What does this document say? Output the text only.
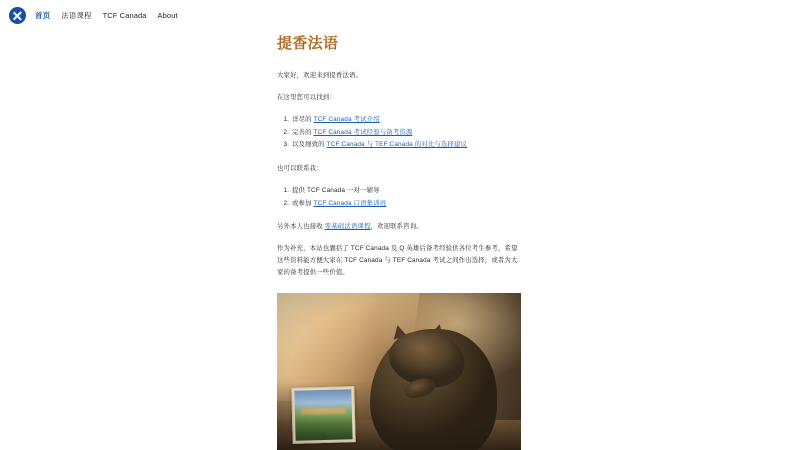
首页 法语课程 TCF Canada About
提香法语

大家好，欢迎来到提香法语。

在这里您可以找到：

1. 详尽的 TCF Canada 考试介绍
2. 完善的 TCF Canada 考试经验与备考资源
3. 以及细致的 TCF Canada 与 TEF Canada 的对比与选择建议

也可以联系我：

1. 提供 TCF Canada 一对一辅导
2. 或参加 TCF Canada 口语集训班

另外本人也接收 零基础法语课程，欢迎联系咨询。

作为补充，本站也囊括了 TCF Canada 及 Q 英雄后备考经验供各位考生参考，希望这些资料能方便大家在 TCF Canada 与 TEF Canada 考试之间作出选择，或者为大家的备考提供一些价值。
